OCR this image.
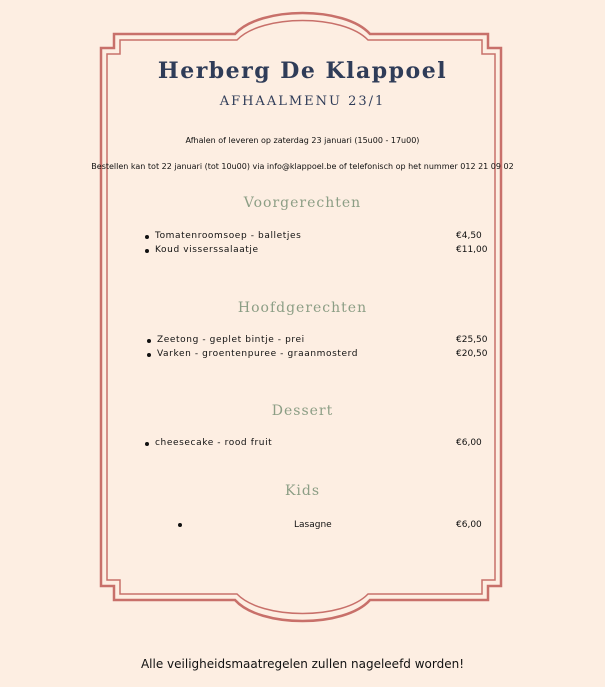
Herberg De Klappoel
AFHAALMENU 23/1
Afhalen of leveren op zaterdag 23 januari (15u00 - 17u00)
Bestellen kan tot 22 januari (tot 10u00) via info@klappoel.be of telefonisch op het nummer 012 21 09 02
Voorgerechten
Tomatenroomsoep - balletjes	€4,50
Koud visserssalaatje	€11,00
Hoofdgerechten
Zeetong - geplet bintje - prei	€25,50
Varken - groentenpuree - graanmosterd	€20,50
Dessert
cheesecake - rood fruit	€6,00
Kids
Lasagne	€6,00
Alle veiligheidsmaatregelen zullen nageleefd worden!
